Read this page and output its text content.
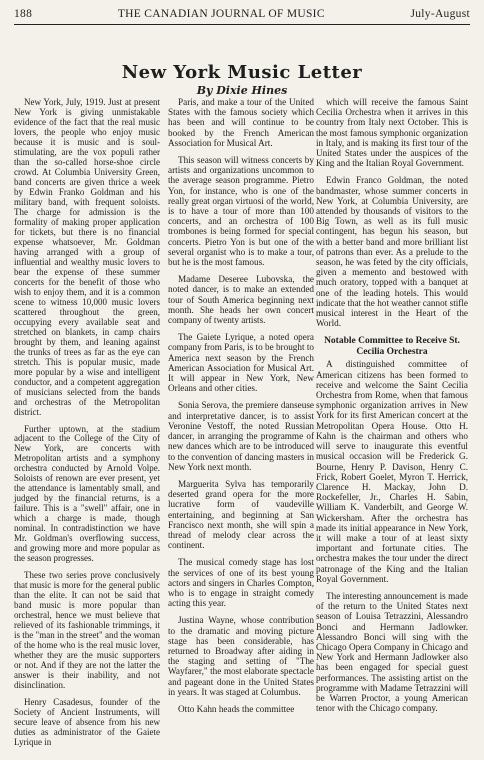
188	THE CANADIAN JOURNAL OF MUSIC	July-August
New York Music Letter
By Dixie Hines

New York, July, 1919. Just at present New York is giving unmistakable evidence of the fact that the real music lovers, the people who enjoy music because it is music and is soul-stimulating, are the vox populi rather than the so-called horse-shoe circle crowd. At Columbia University Green, band concerts are given thrice a week by Edwin Franko Goldman and his military band, with frequent soloists. The charge for admission is the formality of making proper application for tickets, but there is no financial expense whatsoever, Mr. Goldman having arranged with a group of influential and wealthy music lovers to bear the expense of these summer concerts for the benefit of those who wish to enjoy them, and it is a common scene to witness 10,000 music lovers scattered throughout the green, occupying every available seat and stretched on blankets, in camp chairs brought by them, and leaning against the trunks of trees as far as the eye can stretch. This is popular music, made more popular by a wise and intelligent conductor, and a competent aggregation of musicians selected from the bands and orchestras of the Metropolitan district.

Further uptown, at the stadium adjacent to the College of the City of New York, are concerts with Metropolitan artists and a symphony orchestra conducted by Arnold Volpe. Soloists of renown are ever present, yet the attendance is lamentably small, and judged by the financial returns, is a failure. This is a "swell" affair, one in which a charge is made, though nominal. In contradistinction we have Mr. Goldman's overflowing success, and growing more and more popular as the season progresses.

These two series prove conclusively that music is more for the general public than the elite. It can not be said that band music is more popular than orchestral, hence we must believe that relieved of its fashionable trimmings, it is the "man in the street" and the woman of the home who is the real music lover, whether they are the music supporters or not. And if they are not the latter the answer is their inability, and not disinclination.

Henry Casadesus, founder of the Society of Ancient Instruments, will secure leave of absence from his new duties as administrator of the Gaiete Lyrique in

Paris, and make a tour of the United States with the famous society which has been and will continue to be booked by the French American Association for Musical Art.

This season will witness concerts by artists and organizations uncommon to the average season programme. Pietro Yon, for instance, who is one of the really great organ virtuosi of the world, is to have a tour of more than 100 concerts, and an orchestra of 100 trombones is being formed for special concerts. Pietro Yon is but one of the several organist who is to make a tour, but he is the most famous.

Madame Deseree Lubovska, the noted dancer, is to make an extended tour of South America beginning next month. She heads her own concert company of twenty artists.

The Gaiete Lyrique, a noted opera company from Paris, is to be brought to America next season by the French American Association for Musical Art. It will appear in New York, New Orleans and other cities.

Sonia Serova, the premiere danseuse and interpretative dancer, is to assist Veronine Vestoff, the noted Russian dancer, in arranging the programme of new dances which are to be introduced to the convention of dancing masters in New York next month.

Marguerita Sylva has temporarily deserted grand opera for the more lucrative form of vaudeville entertaining, and beginning at San Francisco next month, she will spin a thread of melody clear across the continent.

The musical comedy stage has lost the services of one of its best young actors and singers in Charles Compton, who is to engage in straight comedy acting this year.

Justina Wayne, whose contribution to the dramatic and moving picture stage has been considerable, has returned to Broadway after aiding in the staging and setting of "The Wayfarer," the most elaborate spectacle and pageant done in the United States in years. It was staged at Columbus.

Otto Kahn heads the committee

which will receive the famous Saint Cecilia Orchestra when it arrives in this country from Italy next October. This is the most famous symphonic organization in Italy, and is making its first tour of the United States under the auspices of the King and the Italian Royal Government.

Edwin Franco Goldman, the noted bandmaster, whose summer concerts in New York, at Columbia University, are attended by thousands of visitors to the Big Town, as well as its full music contingent, has begun his season, but with a better band and more brilliant list of patrons than ever. As a prelude to the season, he was feted by the city officials, given a memento and bestowed with much oratory, topped with a banquet at one of the leading hotels. This would indicate that the hot weather cannot stifle musical interest in the Heart of the World.

Notable Committee to Receive St. Cecilia Orchestra

A distinguished committee of American citizens has been formed to receive and welcome the Saint Cecilia Orchestra from Rome, when that famous symphonic organization arrives in New York for its first American concert at the Metropolitan Opera House. Otto H. Kahn is the chairman and others who will serve to inaugurate this eventful musical occasion will be Frederick G. Bourne, Henry P. Davison, Henry C. Frick, Robert Goelet, Myron T. Herrick, Clarence H. Mackay, John D. Rockefeller, Jr., Charles H. Sabin, William K. Vanderbilt, and George W. Wickersham. After the orchestra has made its initial appearance in New York, it will make a tour of at least sixty important and fortunate cities. The orchestra makes the tour under the direct patronage of the King and the Italian Royal Government.

The interesting announcement is made of the return to the United States next season of Louisa Tetrazzini, Alessandro Bonci and Hermann Jadlowker. Alessandro Bonci will sing with the Chicago Opera Company in Chicago and New York and Hermann Jadlowker also has been engaged for special guest performances. The assisting artist on the programme with Madame Tetrazzini will be Warren Proctor, a young American tenor with the Chicago company.
